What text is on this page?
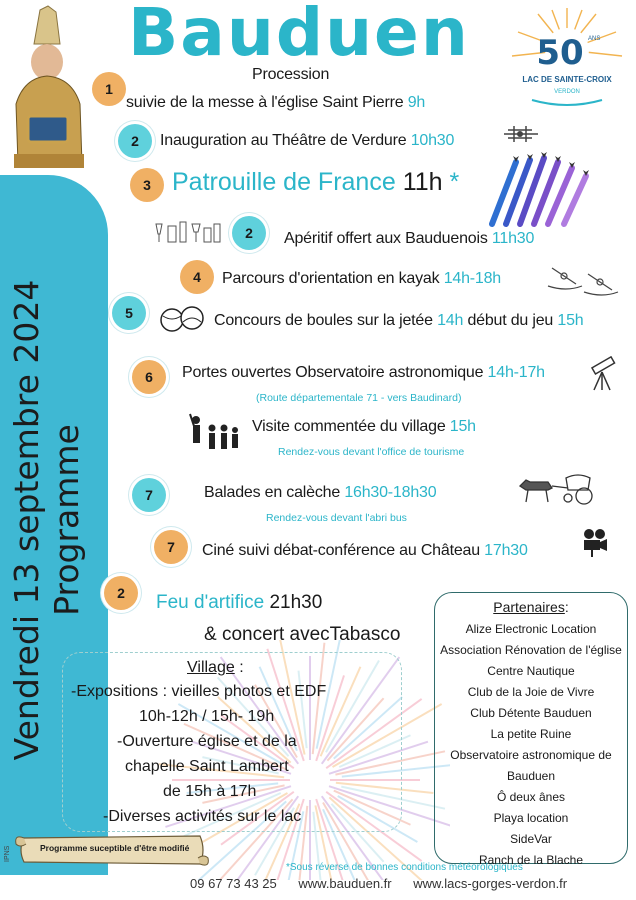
Vendredi 13 septembre 2024 Programme
Bauduen 50 ANS
LAC DE SAINTE-CROIX
VERDON
1
Procession
suivie de la messe à l'église Saint Pierre 9h
2	Inauguration au Théâtre de Verdure 10h30
3 Patrouille de France 11h *
2	Apéritif offert aux Bauduenois 11h30
4	Parcours d'orientation en kayak 14h-18h
5	Concours de boules sur la jetée 14h début du jeu 15h
6	Portes ouvertes Observatoire astronomique 14h-17h
(Route départementale 71 - vers Baudinard)
Visite commentée du village 15h
Rendez-vous devant l'office de tourisme
7	Balades en calèche 16h30-18h30
Rendez-vous devant l'abri bus
7	Ciné suivi débat-conférence au Château 17h30
2	Feu d'artifice 21h30
& concert avecTabasco
Village :
-Expositions : vieilles photos et EDF
10h-12h / 15h- 19h
-Ouverture église et de la
chapelle Saint Lambert
de 15h à 17h
-Diverses activités sur le lac
Partenaires:
Alize Electronic Location
Association Rénovation de l'église
Centre Nautique
Club de la Joie de Vivre
Club Détente Bauduen
La petite Ruine
Observatoire astronomique de
Bauduen
Ô deux ânes
Playa location
SideVar
Ranch de la Blache
Programme suceptible d'être modifié
IPNS
*Sous réverse de bonnes conditions météorologiques
09 67 73 43 25 www.bauduen.fr www.lacs-gorges-verdon.fr
